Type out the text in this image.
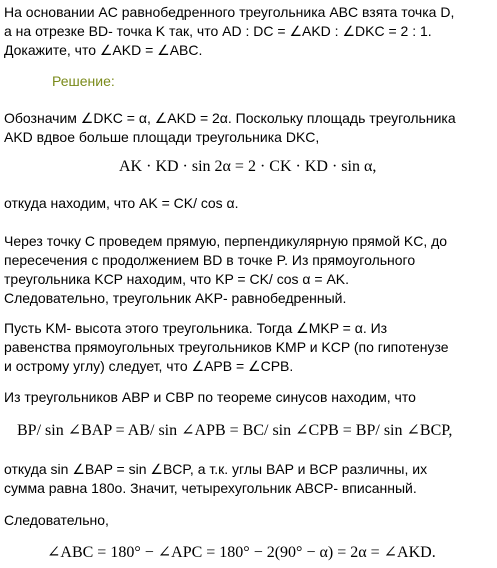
На основании AC равнобедренного треугольника ABC взята точка D,
а на отрезке BD- точка K так, что AD : DC = ∠AKD : ∠DKC = 2 : 1.
Докажите, что ∠AKD = ∠ABC.
Решение:
Обозначим ∠DKC = α, ∠AKD = 2α. Поскольку площадь треугольника
AKD вдвое больше площади треугольника DKC,
AK · KD · sin 2α = 2 · CK · KD · sin α,
откуда находим, что AK = CK/ cos α.
Через точку C проведем прямую, перпендикулярную прямой KC, до
пересечения с продолжением BD в точке P. Из прямоугольного
треугольника KCP находим, что KP = CK/ cos α = AK.
Следовательно, треугольник AKP- равнобедренный.
Пусть KM- высота этого треугольника. Тогда ∠MKP = α. Из
равенства прямоугольных треугольников KMP и KCP (по гипотенузе
и острому углу) следует, что ∠APB = ∠CPB.
Из треугольников ABP и CBP по теореме синусов находим, что
BP/ sin ∠BAP = AB/ sin ∠APB = BC/ sin ∠CPB = BP/ sin ∠BCP,
откуда sin ∠BAP = sin ∠BCP, а т.к. углы BAP и BCP различны, их
сумма равна 180о. Значит, четырехугольник ABCP- вписанный.
Следовательно,
∠ABC = 180° − ∠APC = 180° − 2(90° − α) = 2α = ∠AKD.
